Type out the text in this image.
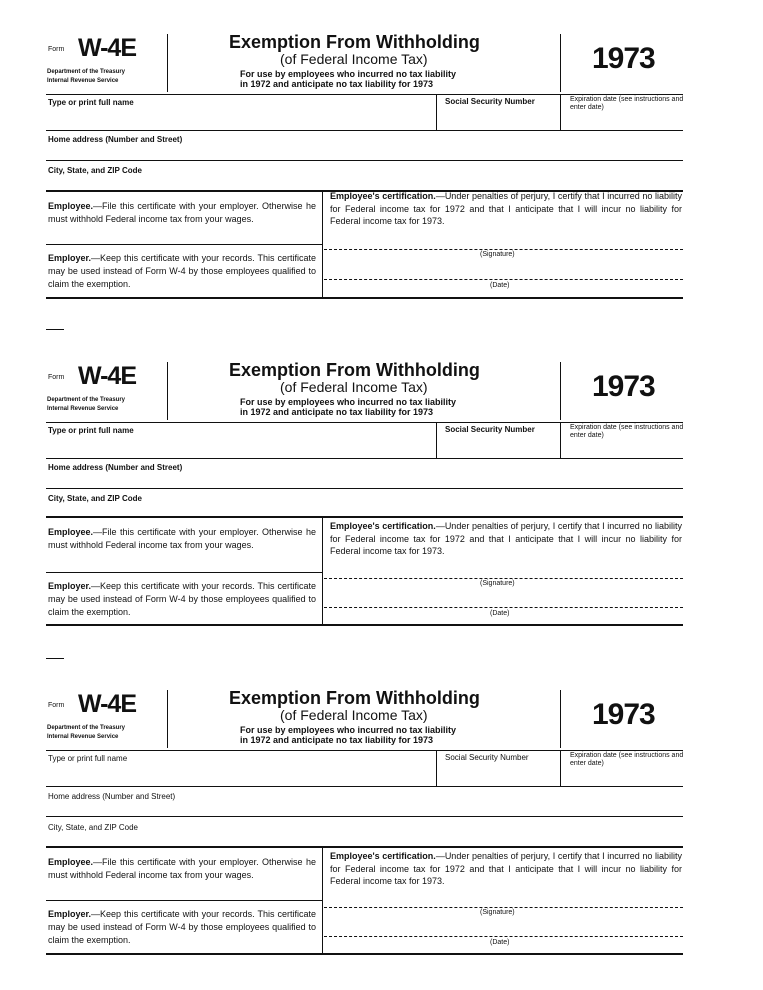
Form W-4E
Department of the Treasury
Internal Revenue Service
Exemption From Withholding
(of Federal Income Tax)
For use by employees who incurred no tax liability
in 1972 and anticipate no tax liability for 1973
1973
Type or print full name	Social Security Number	Expiration date (see instructions and enter date)
Home address (Number and Street)
City, State, and ZIP Code
Employee.—File this certificate with your employer. Otherwise he must withhold Federal income tax from your wages.
Employer.—Keep this certificate with your records. This certificate may be used instead of Form W-4 by those employees qualified to claim the exemption.
Employee's certification.—Under penalties of perjury, I certify that I incurred no liability for Federal income tax for 1972 and that I anticipate that I will incur no liability for Federal income tax for 1973.
(Signature)
(Date)
Form W-4E
Department of the Treasury
Internal Revenue Service
Exemption From Withholding
(of Federal Income Tax)
For use by employees who incurred no tax liability
in 1972 and anticipate no tax liability for 1973
1973
Type or print full name	Social Security Number	Expiration date (see instructions and enter date)
Home address (Number and Street)
City, State, and ZIP Code
Employee.—File this certificate with your employer. Otherwise he must withhold Federal income tax from your wages.
Employer.—Keep this certificate with your records. This certificate may be used instead of Form W-4 by those employees qualified to claim the exemption.
Employee's certification.—Under penalties of perjury, I certify that I incurred no liability for Federal income tax for 1972 and that I anticipate that I will incur no liability for Federal income tax for 1973.
(Signature)
(Date)
Form W-4E
Department of the Treasury
Internal Revenue Service
Exemption From Withholding
(of Federal Income Tax)
For use by employees who incurred no tax liability
in 1972 and anticipate no tax liability for 1973
1973
Type or print full name	Social Security Number	Expiration date (see instructions and enter date)
Home address (Number and Street)
City, State, and ZIP Code
Employee.—File this certificate with your employer. Otherwise he must withhold Federal income tax from your wages.
Employer.—Keep this certificate with your records. This certificate may be used instead of Form W-4 by those employees qualified to claim the exemption.
Employee's certification.—Under penalties of perjury, I certify that I incurred no liability for Federal income tax for 1972 and that I anticipate that I will incur no liability for Federal income tax for 1973.
(Signature)
(Date)
